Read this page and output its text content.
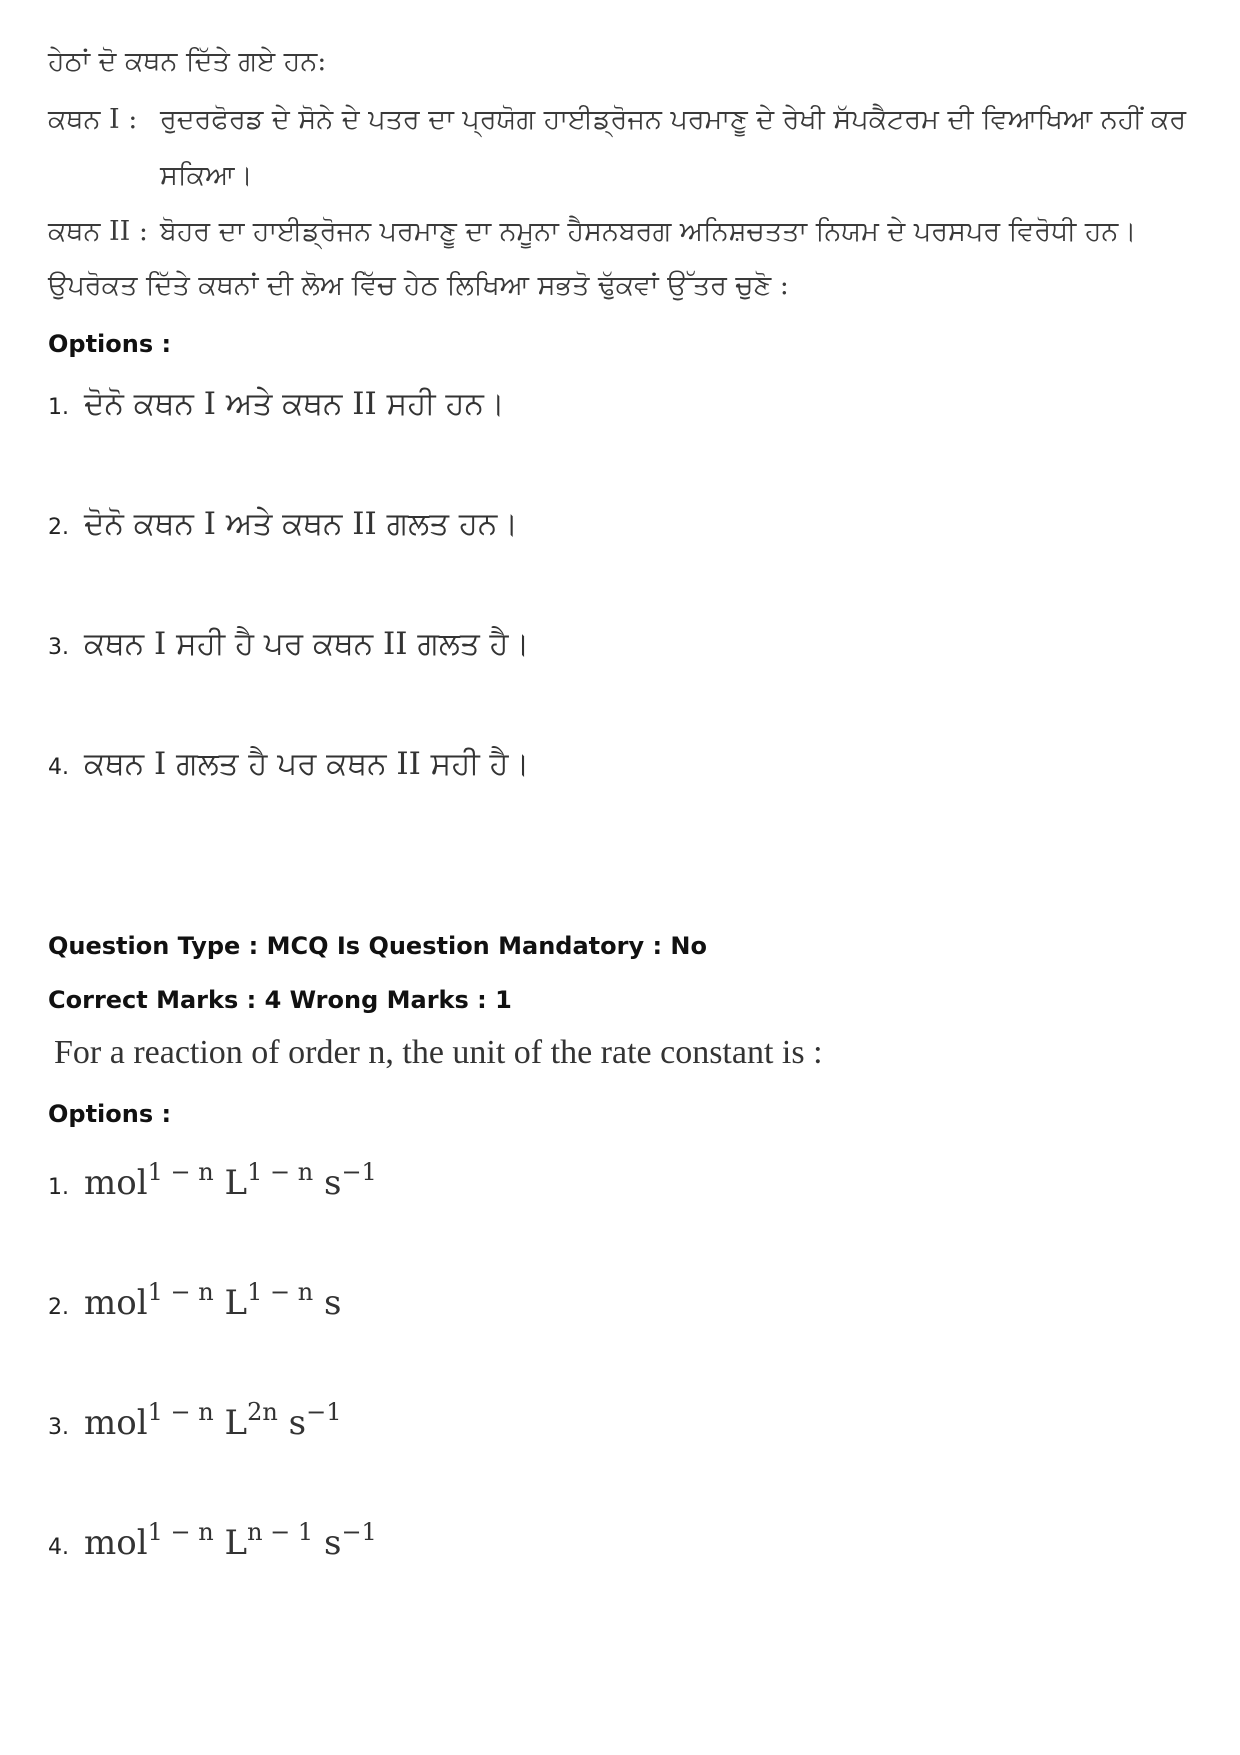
ਹੇਠਾਂ ਦੋ ਕਥਨ ਦਿੱਤੇ ਗਏ ਹਨ:
ਕਥਨ I : ਰੁਦਰਫੋਰਡ ਦੇ ਸੋਨੇ ਦੇ ਪਤਰ ਦਾ ਪ੍ਰਯੋਗ ਹਾਈਡ੍ਰੋਜਨ ਪਰਮਾਣੂ ਦੇ ਰੇਖੀ ਸੱਪਕੈਟਰਮ ਦੀ ਵਿਆਖਿਆ ਨਹੀਂ ਕਰ
ਸਕਿਆ।
ਕਥਨ II : ਬੋਹਰ ਦਾ ਹਾਈਡ੍ਰੋਜਨ ਪਰਮਾਣੂ ਦਾ ਨਮੂਨਾ ਹੈਸਨਬਰਗ ਅਨਿਸ਼ਚਤਤਾ ਨਿਯਮ ਦੇ ਪਰਸਪਰ ਵਿਰੋਧੀ ਹਨ।
ਉਪਰੋਕਤ ਦਿੱਤੇ ਕਥਨਾਂ ਦੀ ਲੋਅ ਵਿੱਚ ਹੇਠ ਲਿਖਿਆ ਸਭਤੋ ਢੁੱਕਵਾਂ ਉੱਤਰ ਚੁਣੋ :
Options :
1. ਦੋਨੋ ਕਥਨ I ਅਤੇ ਕਥਨ II ਸਹੀ ਹਨ।
2. ਦੋਨੋ ਕਥਨ I ਅਤੇ ਕਥਨ II ਗਲਤ ਹਨ।
3. ਕਥਨ I ਸਹੀ ਹੈ ਪਰ ਕਥਨ II ਗਲਤ ਹੈ।
4. ਕਥਨ I ਗਲਤ ਹੈ ਪਰ ਕਥਨ II ਸਹੀ ਹੈ।
Question Type : MCQ Is Question Mandatory : No
Correct Marks : 4 Wrong Marks : 1
For a reaction of order n, the unit of the rate constant is :
Options :
1. mol$^{1 - n}$ $L^{1 - n}$ $s^{-1}$
2. mol$^{1 - n}$ $L^{1 - n}$ s
3. mol$^{1 - n}$ $L^{2n}$ $s^{-1}$
4. mol$^{1 - n}$ $L^{n - 1}$ $s^{-1}$
